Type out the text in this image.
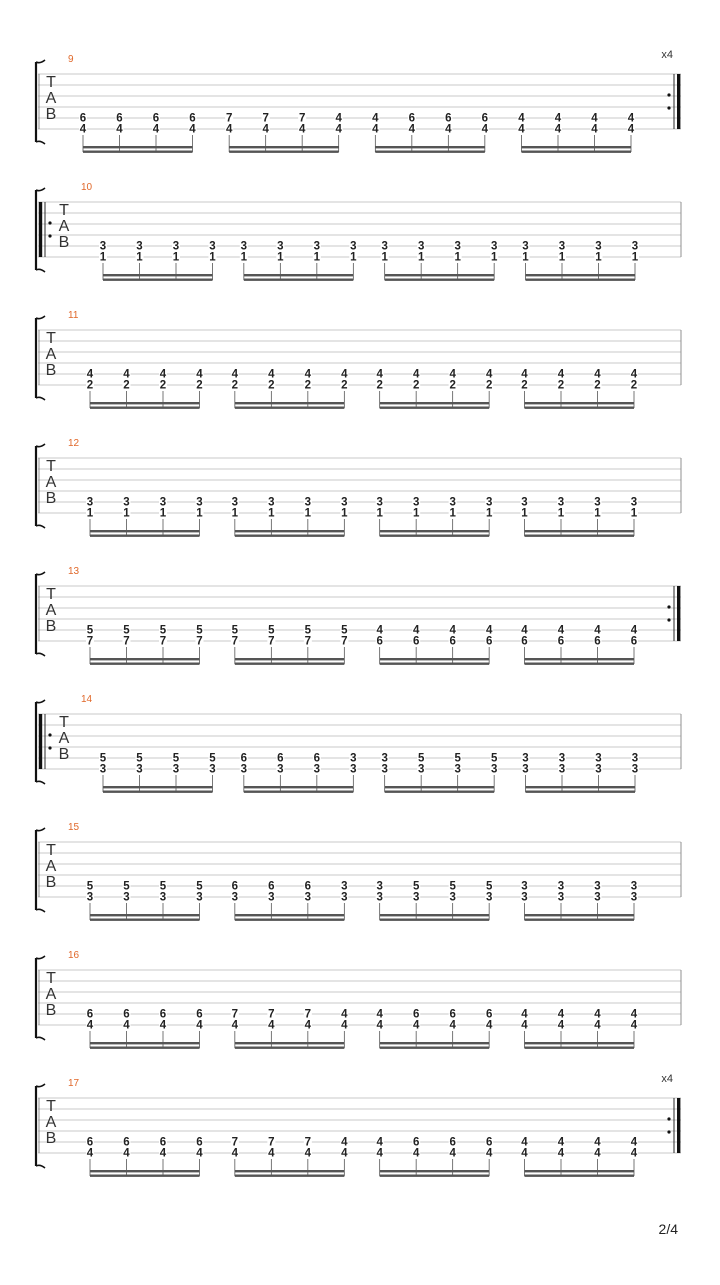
9	x4
T
A
B 6
4
6
4
6
4
6
4
7
4
7
4
7
4
4
4
4
4
6
4
6
4
6
4
4
4
4
4
4
4
4
4
10
T
A
B	3
1
3
1
3
1
3
1
3
1
3
1
3
1
3
1
3
1
3
1
3
1
3
1
3
1
3
1
3
1
3
1
11
T
A
B	4
2
4
2
4
2
4
2
4
2
4
2
4
2
4
2
4
2
4
2
4
2
4
2
4
2
4
2
4
2
4
2
12
T
A
B	3
1
3
1
3
1
3
1
3
1
3
1
3
1
3
1
3
1
3
1
3
1
3
1
3
1
3
1
3
1
3
1
13
T
A
B	5
7
5
7
5
7
5
7
5
7
5
7
5
7
5
7
4
6
4
6
4
6
4
6
4
6
4
6
4
6
4
6
14
T
A
B	5
3
5
3
5
3
5
3
6
3
6
3
6
3
3
3
3
3
5
3
5
3
5
3
3
3
3
3
3
3
3
3
15
T
A
B	5
3
5
3
5
3
5
3
6
3
6
3
6
3
3
3
3
3
5
3
5
3
5
3
3
3
3
3
3
3
3
3
16
T
A
B	6
4
6
4
6
4
6
4
7
4
7
4
7
4
4
4
4
4
6
4
6
4
6
4
4
4
4
4
4
4
4
4
17	x4
T
A
B	6
4
6
4
6
4
6
4
7
4
7
4
7
4
4
4
4
4
6
4
6
4
6
4
4
4
4
4
4
4
4
4
2/4
